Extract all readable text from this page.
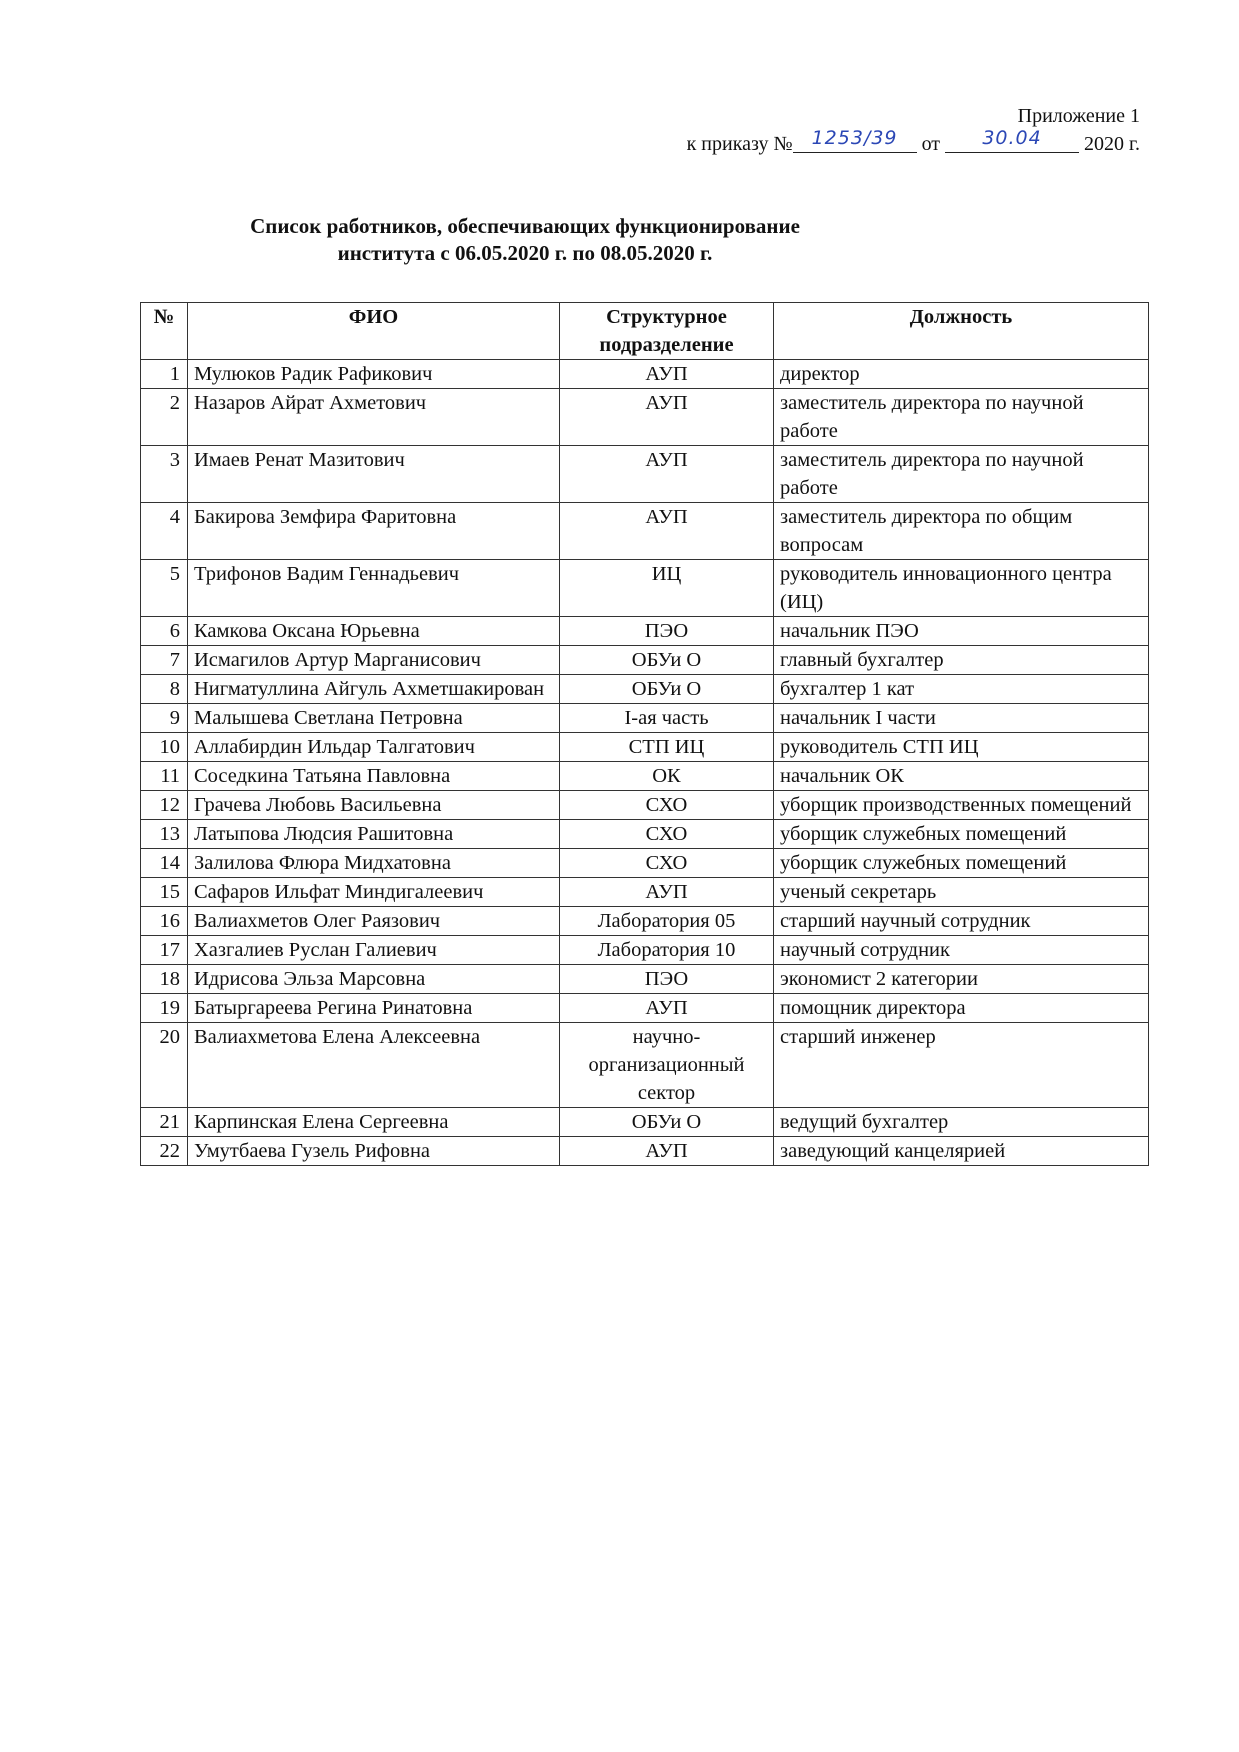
Приложение 1
к приказу № 1253/39 от 30.04 2020 г.
Список работников, обеспечивающих функционирование
института с 06.05.2020 г. по 08.05.2020 г.
№	ФИО	Структурное подразделение	Должность
1	Мулюков Радик Рафикович	АУП	директор
2	Назаров Айрат Ахметович	АУП	заместитель директора по научной работе
3	Имаев Ренат Мазитович	АУП	заместитель директора по научной работе
4	Бакирова Земфира Фаритовна	АУП	заместитель директора по общим вопросам
5	Трифонов Вадим Геннадьевич	ИЦ	руководитель инновационного центра (ИЦ)
6	Камкова Оксана Юрьевна	ПЭО	начальник ПЭО
7	Исмагилов Артур Марганисович	ОБУи О	главный бухгалтер
8	Нигматуллина Айгуль Ахметшакирован	ОБУи О	бухгалтер 1 кат
9	Малышева Светлана Петровна	I-ая часть	начальник I части
10	Аллабирдин Ильдар Талгатович	СТП ИЦ	руководитель СТП ИЦ
11	Соседкина Татьяна Павловна	ОК	начальник ОК
12	Грачева Любовь Васильевна	СХО	уборщик производственных помещений
13	Латыпова Людсия Рашитовна	СХО	уборщик служебных помещений
14	Залилова Флюра Мидхатовна	СХО	уборщик служебных помещений
15	Сафаров Ильфат Миндигалеевич	АУП	ученый секретарь
16	Валиахметов Олег Раязович	Лаборатория 05	старший научный сотрудник
17	Хазгалиев Руслан Галиевич	Лаборатория 10	научный сотрудник
18	Идрисова Эльза Марсовна	ПЭО	экономист 2 категории
19	Батыргареева Регина Ринатовна	АУП	помощник директора
20	Валиахметова Елена Алексеевна	научно-организационный сектор	старший инженер
21	Карпинская Елена Сергеевна	ОБУи О	ведущий бухгалтер
22	Умутбаева Гузель Рифовна	АУП	заведующий канцелярией
